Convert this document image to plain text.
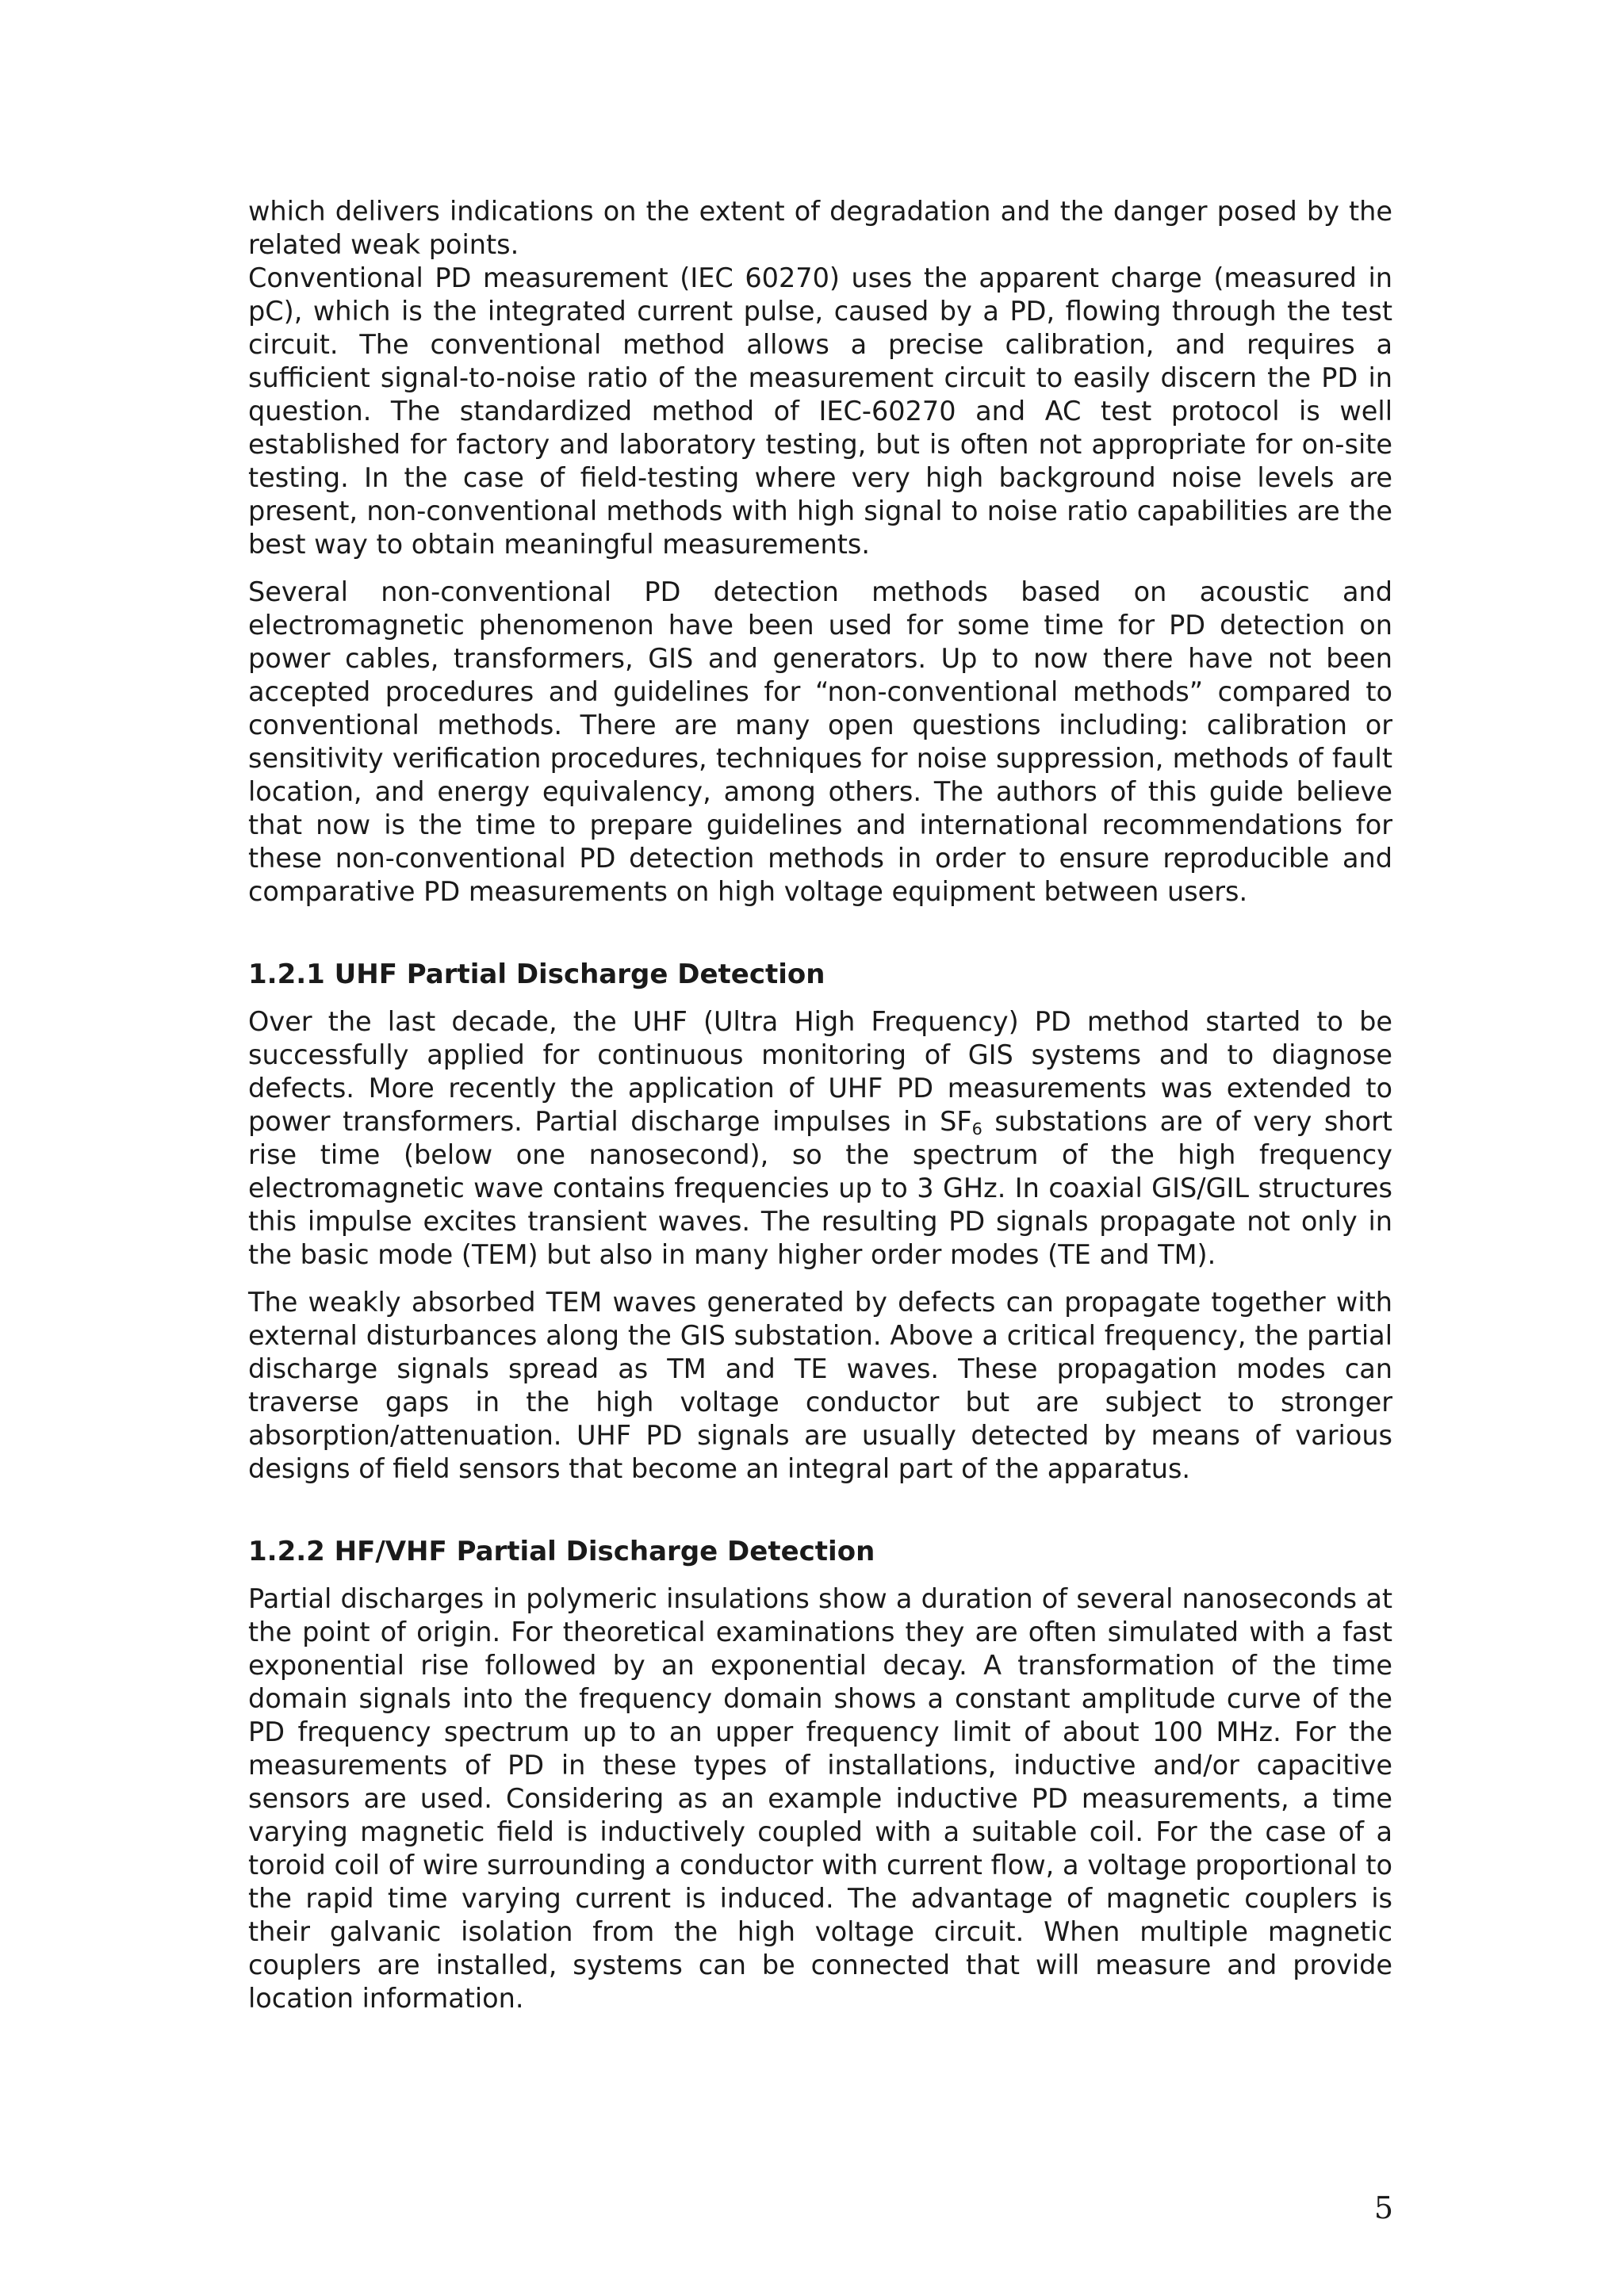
which delivers indications on the extent of degradation and the danger posed by the related weak points.

Conventional PD measurement (IEC 60270) uses the apparent charge (measured in pC), which is the integrated current pulse, caused by a PD, flowing through the test circuit. The conventional method allows a precise calibration, and requires a sufficient signal-to-noise ratio of the measurement circuit to easily discern the PD in question. The standardized method of IEC-60270 and AC test protocol is well established for factory and laboratory testing, but is often not appropriate for on-site testing. In the case of field-testing where very high background noise levels are present, non-conventional methods with high signal to noise ratio capabilities are the best way to obtain meaningful measurements.

Several non-conventional PD detection methods based on acoustic and electromagnetic phenomenon have been used for some time for PD detection on power cables, transformers, GIS and generators. Up to now there have not been accepted procedures and guidelines for “non-conventional methods” compared to conventional methods. There are many open questions including: calibration or sensitivity verification procedures, techniques for noise suppression, methods of fault location, and energy equivalency, among others. The authors of this guide believe that now is the time to prepare guidelines and international recommendations for these non-conventional PD detection methods in order to ensure reproducible and comparative PD measurements on high voltage equipment between users.

1.2.1 UHF Partial Discharge Detection

Over the last decade, the UHF (Ultra High Frequency) PD method started to be successfully applied for continuous monitoring of GIS systems and to diagnose defects. More recently the application of UHF PD measurements was extended to power transformers. Partial discharge impulses in $SF_6$ substations are of very short rise time (below one nanosecond), so the spectrum of the high frequency electromagnetic wave contains frequencies up to 3 GHz. In coaxial GIS/GIL structures this impulse excites transient waves. The resulting PD signals propagate not only in the basic mode (TEM) but also in many higher order modes (TE and TM).

The weakly absorbed TEM waves generated by defects can propagate together with external disturbances along the GIS substation. Above a critical frequency, the partial discharge signals spread as TM and TE waves. These propagation modes can traverse gaps in the high voltage conductor but are subject to stronger absorption/attenuation. UHF PD signals are usually detected by means of various designs of field sensors that become an integral part of the apparatus.

1.2.2 HF/VHF Partial Discharge Detection

Partial discharges in polymeric insulations show a duration of several nanoseconds at the point of origin. For theoretical examinations they are often simulated with a fast exponential rise followed by an exponential decay. A transformation of the time domain signals into the frequency domain shows a constant amplitude curve of the PD frequency spectrum up to an upper frequency limit of about 100 MHz. For the measurements of PD in these types of installations, inductive and/or capacitive sensors are used. Considering as an example inductive PD measurements, a time varying magnetic field is inductively coupled with a suitable coil. For the case of a toroid coil of wire surrounding a conductor with current flow, a voltage proportional to the rapid time varying current is induced. The advantage of magnetic couplers is their galvanic isolation from the high voltage circuit. When multiple magnetic couplers are installed, systems can be connected that will measure and provide location information.

5
